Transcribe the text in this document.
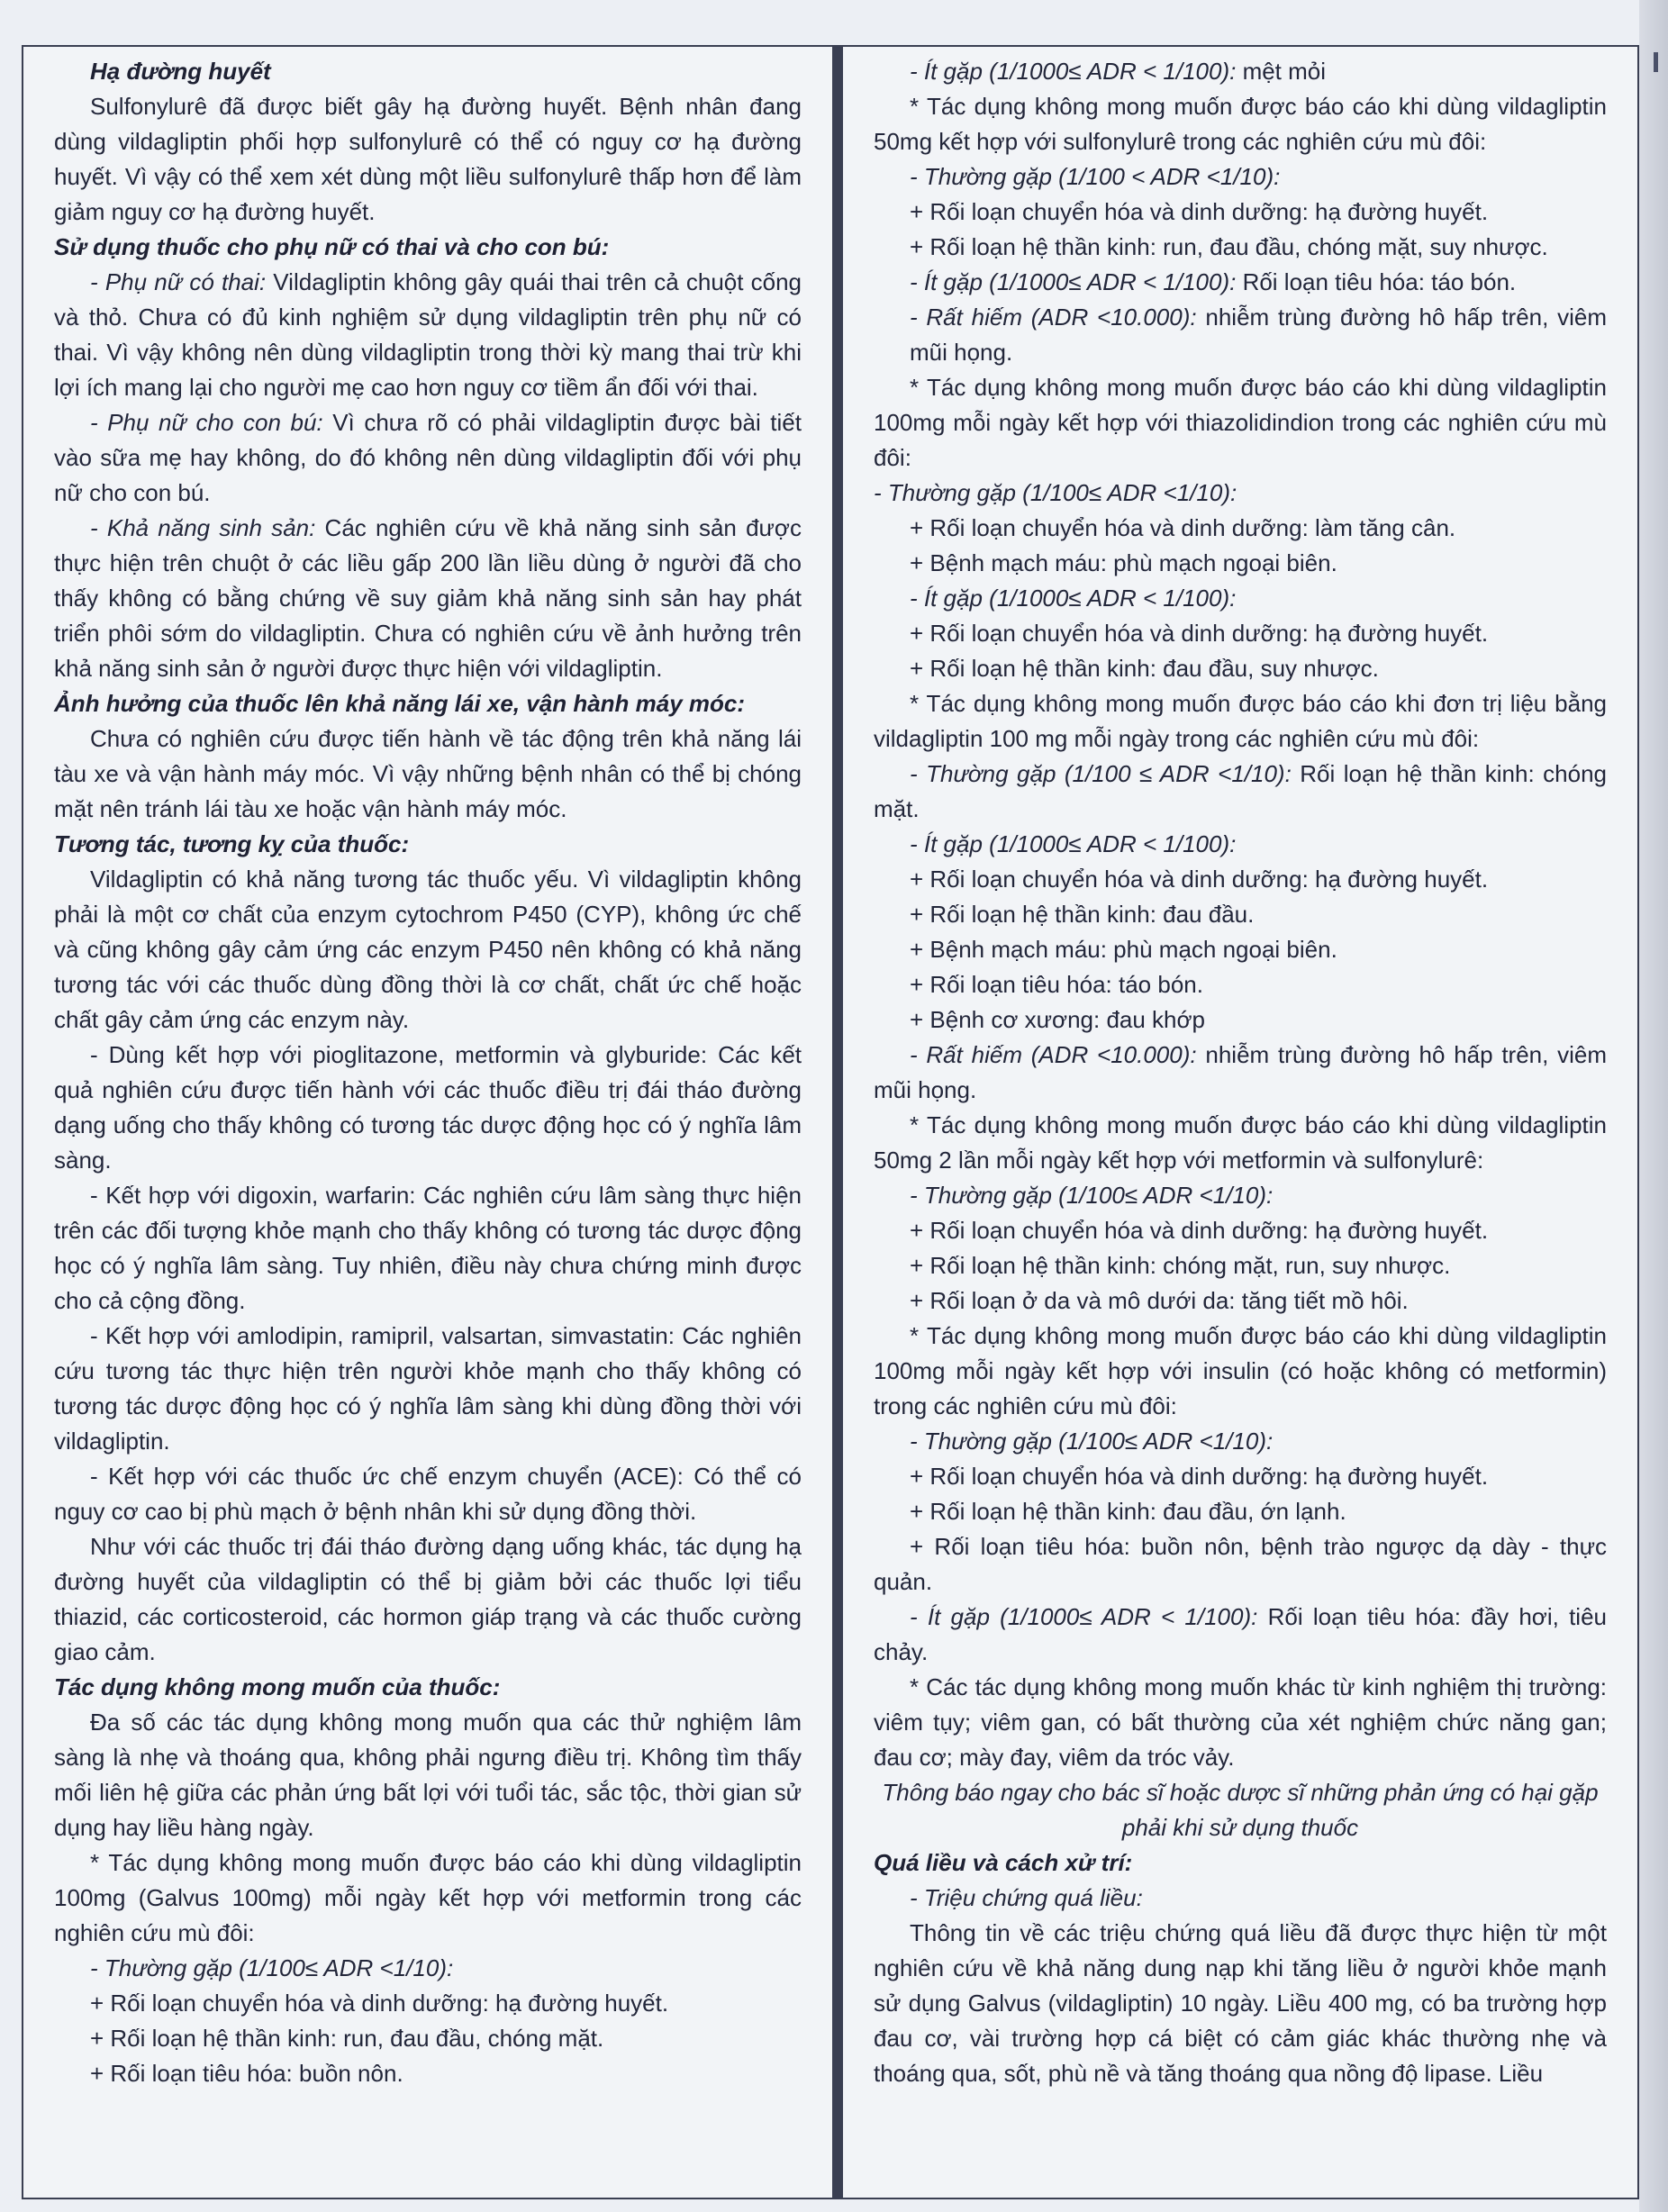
Hạ đường huyết

Sulfonylurê đã được biết gây hạ đường huyết. Bệnh nhân đang dùng vildagliptin phối hợp sulfonylurê có thể có nguy cơ hạ đường huyết. Vì vậy có thể xem xét dùng một liều sulfonylurê thấp hơn để làm giảm nguy cơ hạ đường huyết.

Sử dụng thuốc cho phụ nữ có thai và cho con bú:

- Phụ nữ có thai: Vildagliptin không gây quái thai trên cả chuột cống và thỏ. Chưa có đủ kinh nghiệm sử dụng vildagliptin trên phụ nữ có thai. Vì vậy không nên dùng vildagliptin trong thời kỳ mang thai trừ khi lợi ích mang lại cho người mẹ cao hơn nguy cơ tiềm ẩn đối với thai.

- Phụ nữ cho con bú: Vì chưa rõ có phải vildagliptin được bài tiết vào sữa mẹ hay không, do đó không nên dùng vildagliptin đối với phụ nữ cho con bú.

- Khả năng sinh sản: Các nghiên cứu về khả năng sinh sản được thực hiện trên chuột ở các liều gấp 200 lần liều dùng ở người đã cho thấy không có bằng chứng về suy giảm khả năng sinh sản hay phát triển phôi sớm do vildagliptin. Chưa có nghiên cứu về ảnh hưởng trên khả năng sinh sản ở người được thực hiện với vildagliptin.

Ảnh hưởng của thuốc lên khả năng lái xe, vận hành máy móc:

Chưa có nghiên cứu được tiến hành về tác động trên khả năng lái tàu xe và vận hành máy móc. Vì vậy những bệnh nhân có thể bị chóng mặt nên tránh lái tàu xe hoặc vận hành máy móc.

Tương tác, tương kỵ của thuốc:

Vildagliptin có khả năng tương tác thuốc yếu. Vì vildagliptin không phải là một cơ chất của enzym cytochrom P450 (CYP), không ức chế và cũng không gây cảm ứng các enzym P450 nên không có khả năng tương tác với các thuốc dùng đồng thời là cơ chất, chất ức chế hoặc chất gây cảm ứng các enzym này.

- Dùng kết hợp với pioglitazone, metformin và glyburide: Các kết quả nghiên cứu được tiến hành với các thuốc điều trị đái tháo đường dạng uống cho thấy không có tương tác dược động học có ý nghĩa lâm sàng.

- Kết hợp với digoxin, warfarin: Các nghiên cứu lâm sàng thực hiện trên các đối tượng khỏe mạnh cho thấy không có tương tác dược động học có ý nghĩa lâm sàng. Tuy nhiên, điều này chưa chứng minh được cho cả cộng đồng.

- Kết hợp với amlodipin, ramipril, valsartan, simvastatin: Các nghiên cứu tương tác thực hiện trên người khỏe mạnh cho thấy không có tương tác dược động học có ý nghĩa lâm sàng khi dùng đồng thời với vildagliptin.

- Kết hợp với các thuốc ức chế enzym chuyển (ACE): Có thể có nguy cơ cao bị phù mạch ở bệnh nhân khi sử dụng đồng thời.

Như với các thuốc trị đái tháo đường dạng uống khác, tác dụng hạ đường huyết của vildagliptin có thể bị giảm bởi các thuốc lợi tiểu thiazid, các corticosteroid, các hormon giáp trạng và các thuốc cường giao cảm.

Tác dụng không mong muốn của thuốc:

Đa số các tác dụng không mong muốn qua các thử nghiệm lâm sàng là nhẹ và thoáng qua, không phải ngưng điều trị. Không tìm thấy mối liên hệ giữa các phản ứng bất lợi với tuổi tác, sắc tộc, thời gian sử dụng hay liều hàng ngày.

* Tác dụng không mong muốn được báo cáo khi dùng vildagliptin 100mg (Galvus 100mg) mỗi ngày kết hợp với metformin trong các nghiên cứu mù đôi:

- Thường gặp (1/100≤ ADR <1/10):

+ Rối loạn chuyển hóa và dinh dưỡng: hạ đường huyết.

+ Rối loạn hệ thần kinh: run, đau đầu, chóng mặt.

+ Rối loạn tiêu hóa: buồn nôn.

- Ít gặp (1/1000≤ ADR < 1/100): mệt mỏi

* Tác dụng không mong muốn được báo cáo khi dùng vildagliptin 50mg kết hợp với sulfonylurê trong các nghiên cứu mù đôi:

- Thường gặp (1/100 < ADR <1/10):

+ Rối loạn chuyển hóa và dinh dưỡng: hạ đường huyết.

+ Rối loạn hệ thần kinh: run, đau đầu, chóng mặt, suy nhược.

- Ít gặp (1/1000≤ ADR < 1/100): Rối loạn tiêu hóa: táo bón.

- Rất hiếm (ADR <10.000): nhiễm trùng đường hô hấp trên, viêm mũi họng.

* Tác dụng không mong muốn được báo cáo khi dùng vildagliptin 100mg mỗi ngày kết hợp với thiazolidindion trong các nghiên cứu mù đôi:

- Thường gặp (1/100≤ ADR <1/10):

+ Rối loạn chuyển hóa và dinh dưỡng: làm tăng cân.

+ Bệnh mạch máu: phù mạch ngoại biên.

- Ít gặp (1/1000≤ ADR < 1/100):

+ Rối loạn chuyển hóa và dinh dưỡng: hạ đường huyết.

+ Rối loạn hệ thần kinh: đau đầu, suy nhược.

* Tác dụng không mong muốn được báo cáo khi đơn trị liệu bằng vildagliptin 100 mg mỗi ngày trong các nghiên cứu mù đôi:

- Thường gặp (1/100 ≤ ADR <1/10): Rối loạn hệ thần kinh: chóng mặt.

- Ít gặp (1/1000≤ ADR < 1/100):

+ Rối loạn chuyển hóa và dinh dưỡng: hạ đường huyết.

+ Rối loạn hệ thần kinh: đau đầu.

+ Bệnh mạch máu: phù mạch ngoại biên.

+ Rối loạn tiêu hóa: táo bón.

+ Bệnh cơ xương: đau khớp

- Rất hiếm (ADR <10.000): nhiễm trùng đường hô hấp trên, viêm mũi họng.

* Tác dụng không mong muốn được báo cáo khi dùng vildagliptin 50mg 2 lần mỗi ngày kết hợp với metformin và sulfonylurê:

- Thường gặp (1/100≤ ADR <1/10):

+ Rối loạn chuyển hóa và dinh dưỡng: hạ đường huyết.

+ Rối loạn hệ thần kinh: chóng mặt, run, suy nhược.

+ Rối loạn ở da và mô dưới da: tăng tiết mồ hôi.

* Tác dụng không mong muốn được báo cáo khi dùng vildagliptin 100mg mỗi ngày kết hợp với insulin (có hoặc không có metformin) trong các nghiên cứu mù đôi:

- Thường gặp (1/100≤ ADR <1/10):

+ Rối loạn chuyển hóa và dinh dưỡng: hạ đường huyết.

+ Rối loạn hệ thần kinh: đau đầu, ớn lạnh.

+ Rối loạn tiêu hóa: buồn nôn, bệnh trào ngược dạ dày - thực quản.

- Ít gặp (1/1000≤ ADR < 1/100): Rối loạn tiêu hóa: đầy hơi, tiêu chảy.

* Các tác dụng không mong muốn khác từ kinh nghiệm thị trường: viêm tụy; viêm gan, có bất thường của xét nghiệm chức năng gan; đau cơ; mày đay, viêm da tróc vảy.

Thông báo ngay cho bác sĩ hoặc dược sĩ những phản ứng có hại gặp phải khi sử dụng thuốc

Quá liều và cách xử trí:

- Triệu chứng quá liều:

Thông tin về các triệu chứng quá liều đã được thực hiện từ một nghiên cứu về khả năng dung nạp khi tăng liều ở người khỏe mạnh sử dụng Galvus (vildagliptin) 10 ngày. Liều 400 mg, có ba trường hợp đau cơ, vài trường hợp cá biệt có cảm giác khác thường nhẹ và thoáng qua, sốt, phù nề và tăng thoáng qua nồng độ lipase. Liều
